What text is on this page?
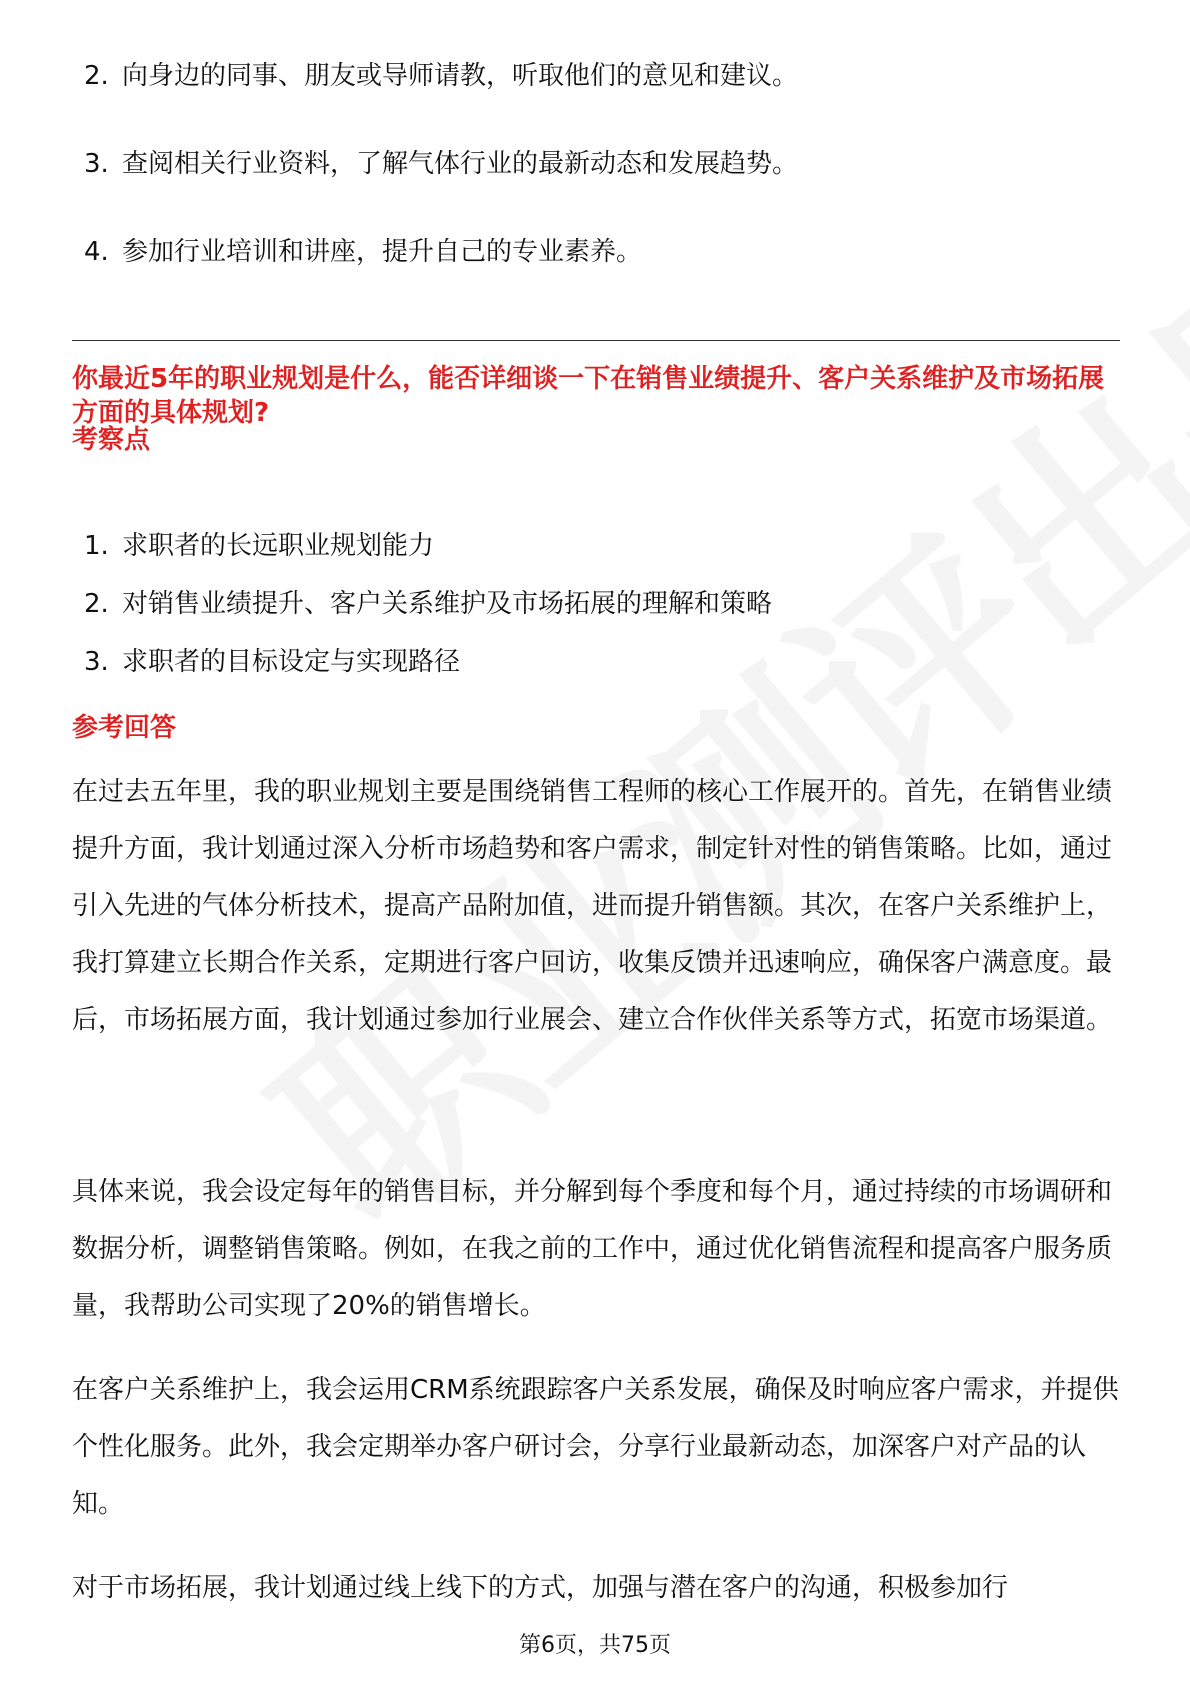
2. 向身边的同事、朋友或导师请教，听取他们的意见和建议。
3. 查阅相关行业资料，了解气体行业的最新动态和发展趋势。
4. 参加行业培训和讲座，提升自己的专业素养。
你最近5年的职业规划是什么，能否详细谈一下在销售业绩提升、客户关系维护及市场拓展方面的具体规划?
考察点
1. 求职者的长远职业规划能力
2. 对销售业绩提升、客户关系维护及市场拓展的理解和策略
3. 求职者的目标设定与实现路径
参考回答

在过去五年里，我的职业规划主要是围绕销售工程师的核心工作展开的。首先，在销售业绩提升方面，我计划通过深入分析市场趋势和客户需求，制定针对性的销售策略。比如，通过引入先进的气体分析技术，提高产品附加值，进而提升销售额。其次，在客户关系维护上，我打算建立长期合作关系，定期进行客户回访，收集反馈并迅速响应，确保客户满意度。最后，市场拓展方面，我计划通过参加行业展会、建立合作伙伴关系等方式，拓宽市场渠道。

具体来说，我会设定每年的销售目标，并分解到每个季度和每个月，通过持续的市场调研和数据分析，调整销售策略。例如，在我之前的工作中，通过优化销售流程和提高客户服务质量，我帮助公司实现了20%的销售增长。

在客户关系维护上，我会运用CRM系统跟踪客户关系发展，确保及时响应客户需求，并提供个性化服务。此外，我会定期举办客户研讨会，分享行业最新动态，加深客户对产品的认知。

对于市场拓展，我计划通过线上线下的方式，加强与潜在客户的沟通，积极参加行

第6页，共75页
